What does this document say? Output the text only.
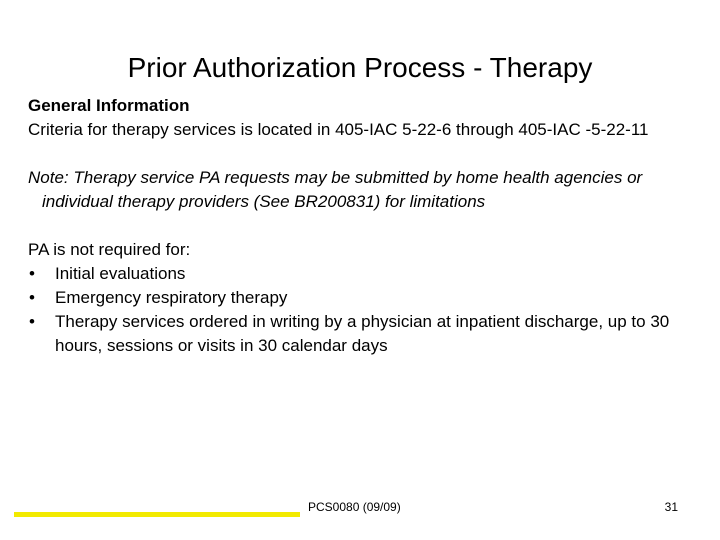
Prior Authorization Process - Therapy

General Information

Criteria for therapy services is located in 405-IAC 5-22-6 through 405-IAC -5-22-11

Note: Therapy service PA requests may be submitted by home health agencies or individual therapy providers (See BR200831) for limitations

PA is not required for:

• Initial evaluations
• Emergency respiratory therapy
• Therapy services ordered in writing by a physician at inpatient discharge, up to 30 hours, sessions or visits in 30 calendar days
PCS0080 (09/09)	31
